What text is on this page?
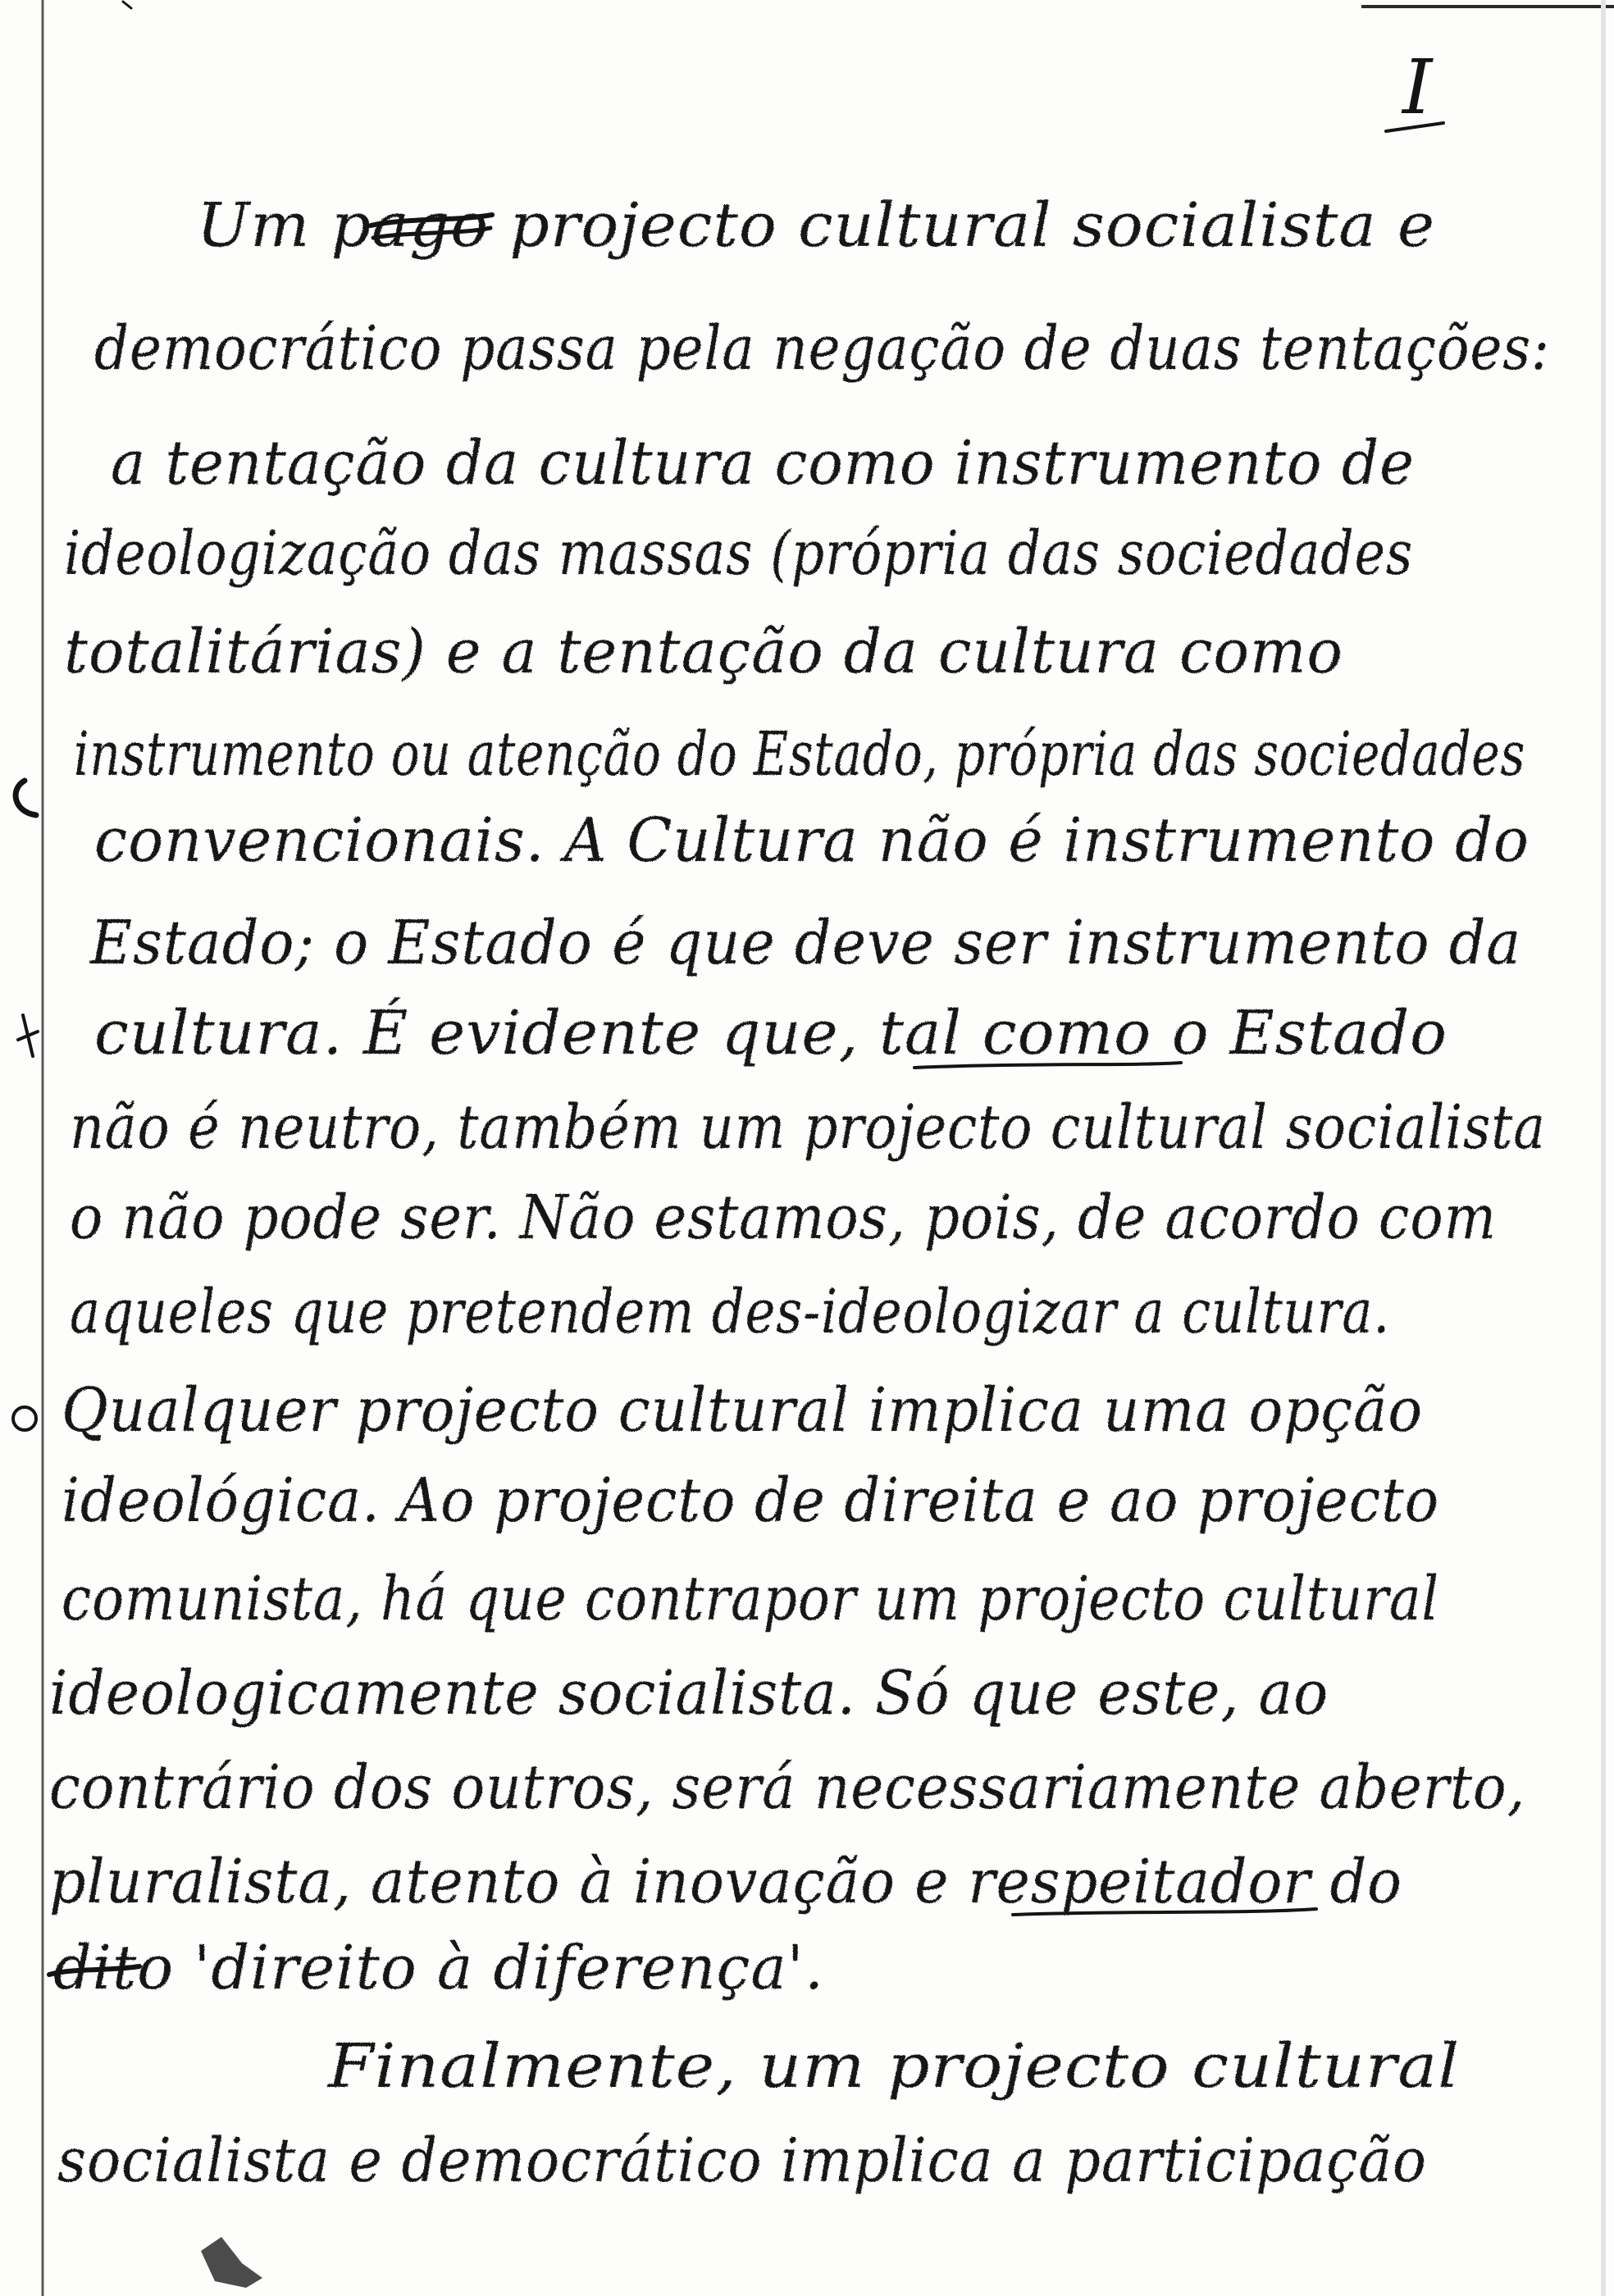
I
Um pago projecto cultural socialista e
democrático passa pela negação de duas tentações:
a tentação da cultura como instrumento de
ideologização das massas (própria das sociedades
totalitárias) e a tentação da cultura como
instrumento ou atenção do Estado, própria das sociedades
convencionais. A Cultura não é instrumento do
Estado; o Estado é que deve ser instrumento da
cultura. É evidente que, tal como o Estado
não é neutro, também um projecto cultural socialista
o não pode ser. Não estamos, pois, de acordo com
aqueles que pretendem des-ideologizar a cultura.
Qualquer projecto cultural implica uma opção
ideológica. Ao projecto de direita e ao projecto
comunista, há que contrapor um projecto cultural
ideologicamente socialista. Só que este, ao
contrário dos outros, será necessariamente aberto,
pluralista, atento à inovação e respeitador do
dito 'direito à diferença'.
Finalmente, um projecto cultural
socialista e democrático implica a participação
